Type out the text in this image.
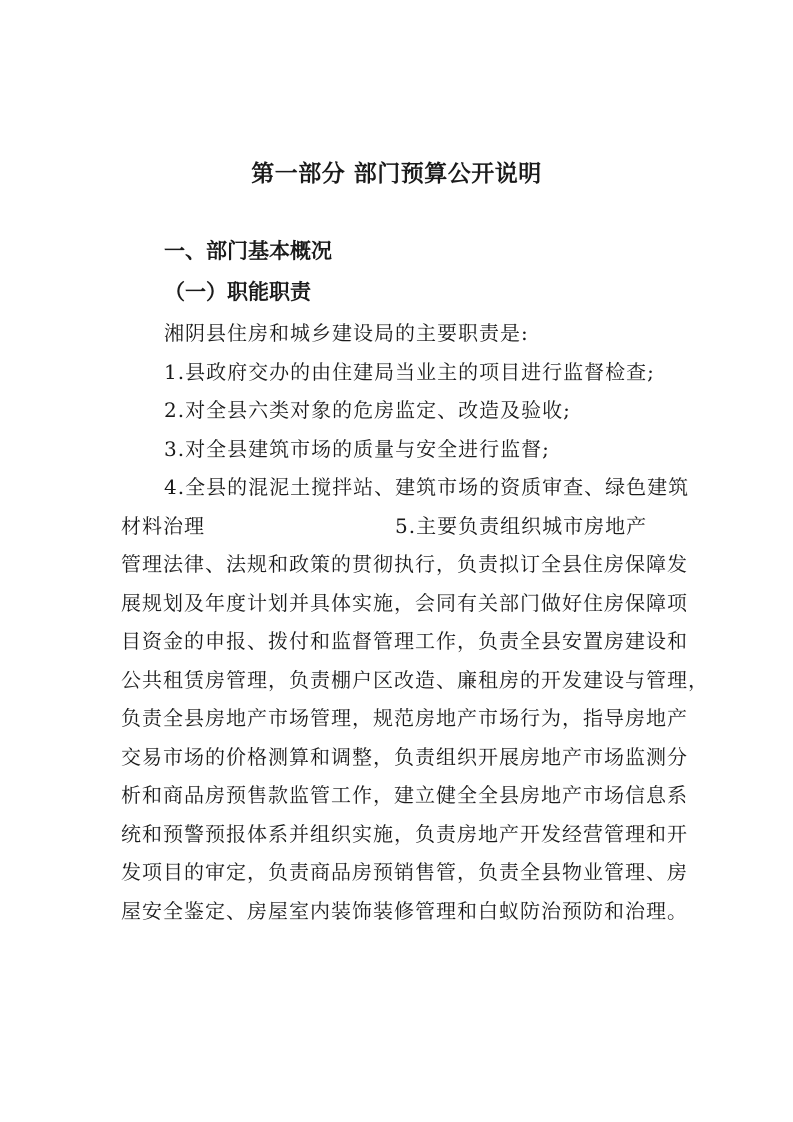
第一部分 部门预算公开说明
一、部门基本概况
（一）职能职责

湘阴县住房和城乡建设局的主要职责是:

1.县政府交办的由住建局当业主的项目进行监督检查;

2.对全县六类对象的危房监定、改造及验收;

3.对全县建筑市场的质量与安全进行监督;

4.全县的混泥土搅拌站、建筑市场的资质审查、绿色建筑

材料治理	5.主要负责组织城市房地产

管理法律、法规和政策的贯彻执行，负责拟订全县住房保障发

展规划及年度计划并具体实施，会同有关部门做好住房保障项

目资金的申报、拨付和监督管理工作，负责全县安置房建设和

公共租赁房管理，负责棚户区改造、廉租房的开发建设与管理，

负责全县房地产市场管理，规范房地产市场行为，指导房地产

交易市场的价格测算和调整，负责组织开展房地产市场监测分

析和商品房预售款监管工作，建立健全全县房地产市场信息系

统和预警预报体系并组织实施，负责房地产开发经营管理和开

发项目的审定，负责商品房预销售管，负责全县物业管理、房

屋安全鉴定、房屋室内装饰装修管理和白蚁防治预防和治理。
